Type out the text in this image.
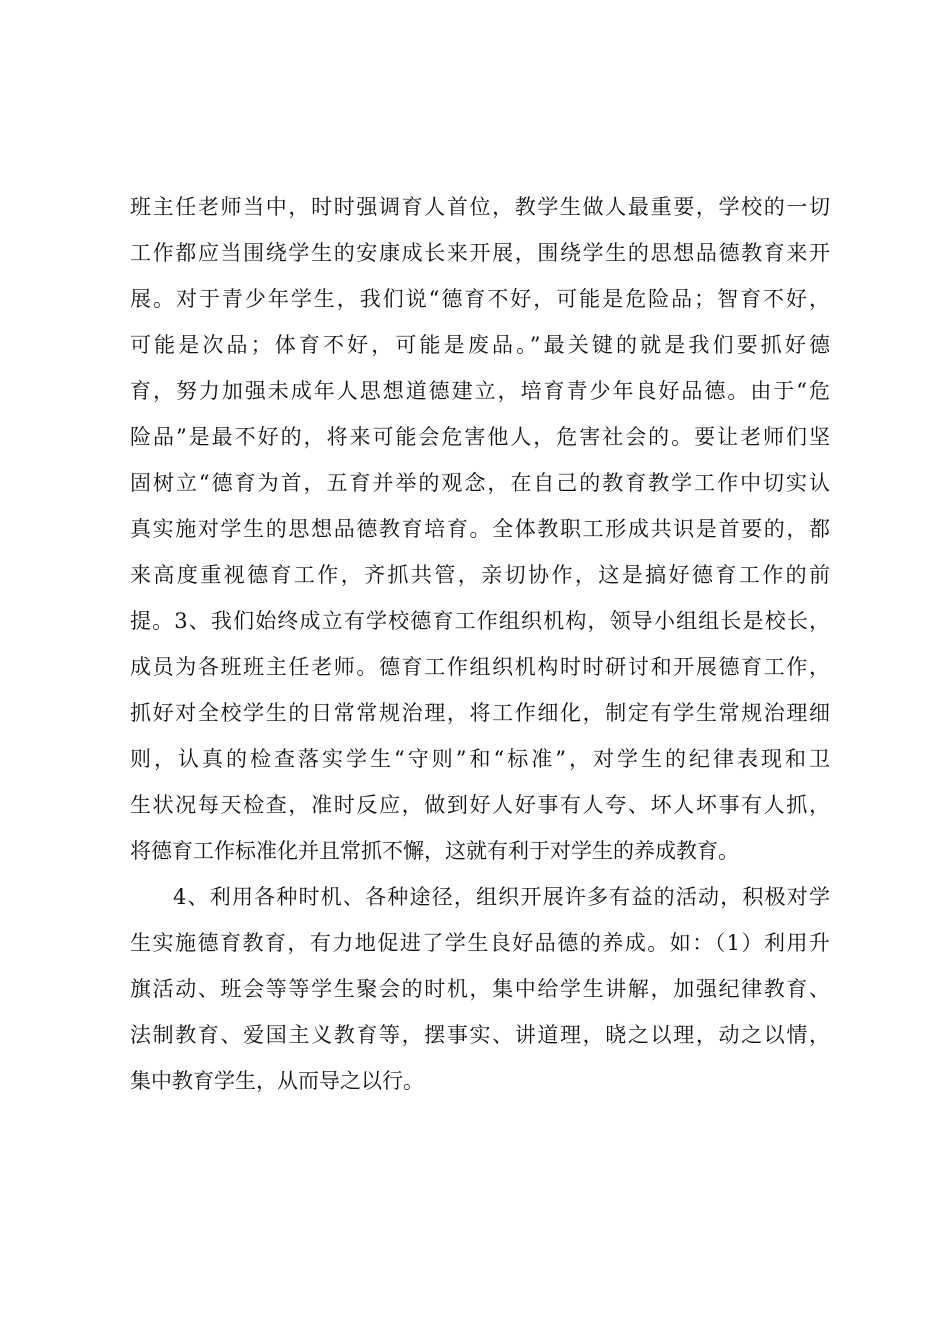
班主任老师当中，时时强调育人首位，教学生做人最重要，学校的一切
工作都应当围绕学生的安康成长来开展，围绕学生的思想品德教育来开
展。对于青少年学生，我们说“德育不好，可能是危险品；智育不好，
可能是次品；体育不好，可能是废品。”最关键的就是我们要抓好德
育，努力加强未成年人思想道德建立，培育青少年良好品德。由于“危
险品”是最不好的，将来可能会危害他人，危害社会的。要让老师们坚
固树立“德育为首，五育并举的观念，在自己的教育教学工作中切实认
真实施对学生的思想品德教育培育。全体教职工形成共识是首要的，都
来高度重视德育工作，齐抓共管，亲切协作，这是搞好德育工作的前
提。3、我们始终成立有学校德育工作组织机构，领导小组组长是校长，
成员为各班班主任老师。德育工作组织机构时时研讨和开展德育工作，
抓好对全校学生的日常常规治理，将工作细化，制定有学生常规治理细
则，认真的检查落实学生“守则”和“标准”，对学生的纪律表现和卫
生状况每天检查，准时反应，做到好人好事有人夸、坏人坏事有人抓，
将德育工作标准化并且常抓不懈，这就有利于对学生的养成教育。
4、利用各种时机、各种途径，组织开展许多有益的活动，积极对学
生实施德育教育，有力地促进了学生良好品德的养成。如：（1）利用升
旗活动、班会等等学生聚会的时机，集中给学生讲解，加强纪律教育、
法制教育、爱国主义教育等，摆事实、讲道理，晓之以理，动之以情，
集中教育学生，从而导之以行。
